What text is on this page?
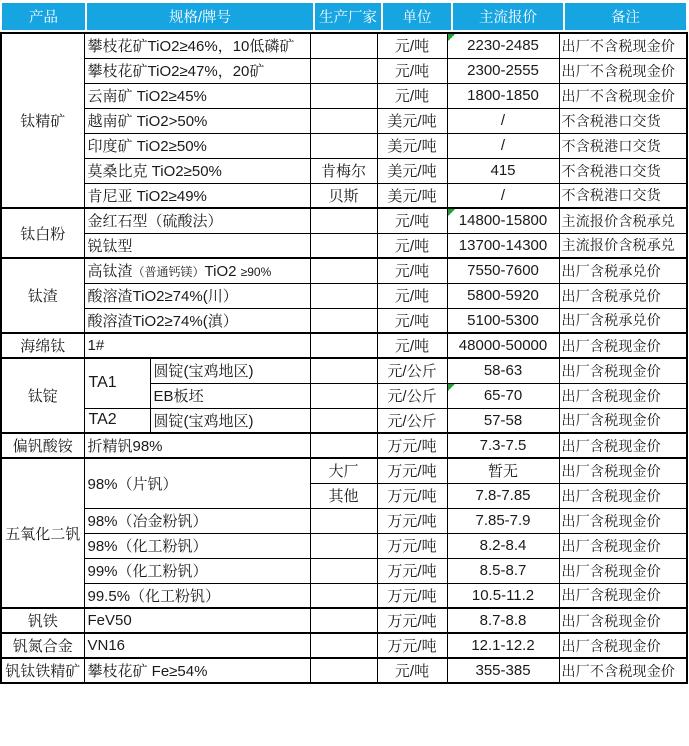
产品	规格/牌号	生产厂家	单位	主流报价	备注
钛精矿	攀枝花矿TiO2≥46%，10低磷矿			元/吨	2230-2485	出厂不含税现金价
	攀枝花矿TiO2≥47%，20矿			元/吨	2300-2555	出厂不含税现金价
	云南矿 TiO2≥45%			元/吨	1800-1850	出厂不含税现金价
	越南矿 TiO2>50%			美元/吨	/	不含税港口交货
	印度矿 TiO2≥50%			美元/吨	/	不含税港口交货
	莫桑比克 TiO2≥50%		肯梅尔	美元/吨	415	不含税港口交货
	肯尼亚 TiO2≥49%		贝斯	美元/吨	/	不含税港口交货
钛白粉	金红石型（硫酸法）			元/吨	14800-15800	主流报价含税承兑
	锐钛型			元/吨	13700-14300	主流报价含税承兑
钛渣	高钛渣（普通钙镁）TiO2 ≥90%			元/吨	7550-7600	出厂含税承兑价
	酸溶渣TiO2≥74%(川）			元/吨	5800-5920	出厂含税承兑价
	酸溶渣TiO2≥74%(滇）			元/吨	5100-5300	出厂含税承兑价
海绵钛	1#			元/吨	48000-50000	出厂含税现金价
钛锭	TA1	圆锭(宝鸡地区)		元/公斤	58-63	出厂含税现金价
		EB板坯		元/公斤	65-70	出厂含税现金价
	TA2	圆锭(宝鸡地区)		元/公斤	57-58	出厂含税现金价
偏钒酸铵	折精钒98%			万元/吨	7.3-7.5	出厂含税现金价
五氧化二钒	98%（片钒）		大厂	万元/吨	暂无	出厂含税现金价
			其他	万元/吨	7.8-7.85	出厂含税现金价
	98%（冶金粉钒）			万元/吨	7.85-7.9	出厂含税现金价
	98%（化工粉钒）			万元/吨	8.2-8.4	出厂含税现金价
	99%（化工粉钒）			万元/吨	8.5-8.7	出厂含税现金价
	99.5%（化工粉钒）			万元/吨	10.5-11.2	出厂含税现金价
钒铁	FeV50			万元/吨	8.7-8.8	出厂含税现金价
钒氮合金	VN16			万元/吨	12.1-12.2	出厂含税现金价
钒钛铁精矿	攀枝花矿 Fe≥54%			元/吨	355-385	出厂不含税现金价
